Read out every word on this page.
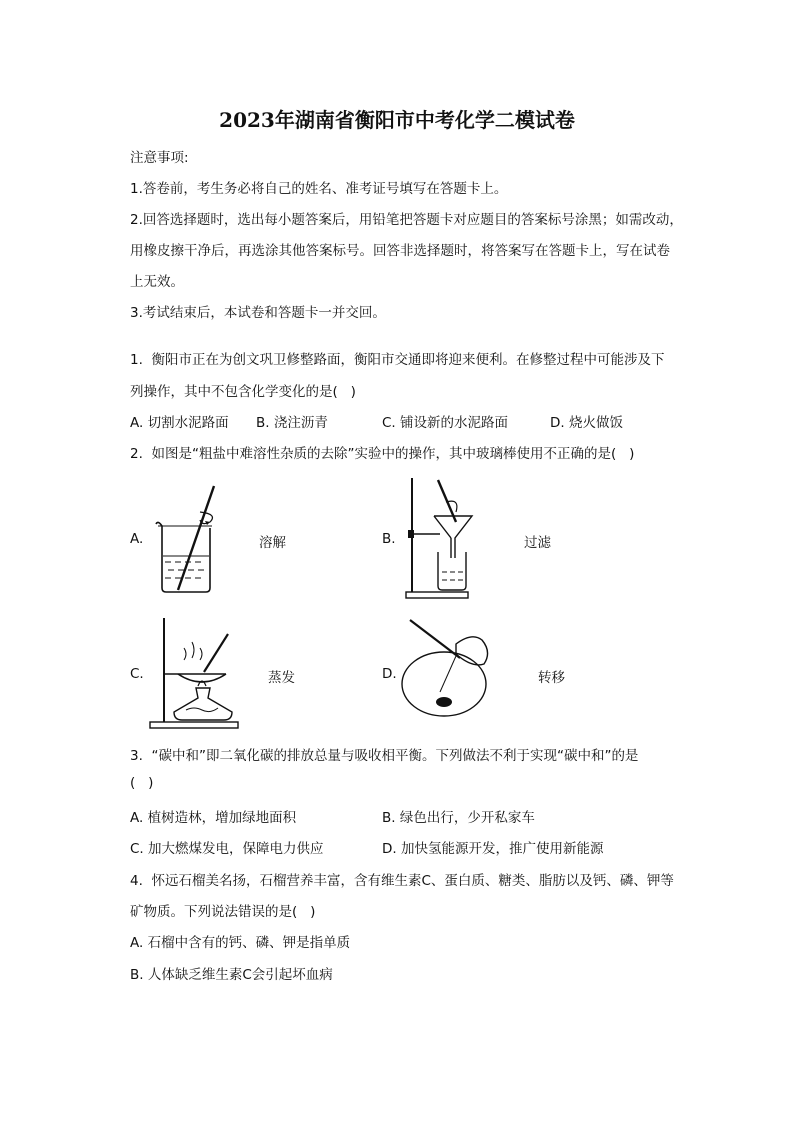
2023年湖南省衡阳市中考化学二模试卷
注意事项:
1.答卷前，考生务必将自己的姓名、准考证号填写在答题卡上。
2.回答选择题时，选出每小题答案后，用铅笔把答题卡对应题目的答案标号涂黑；如需改动，
用橡皮擦干净后，再选涂其他答案标号。回答非选择题时，将答案写在答题卡上，写在试卷
上无效。
3.考试结束后，本试卷和答题卡一并交回。
1.  衡阳市正在为创文巩卫修整路面，衡阳市交通即将迎来便利。在修整过程中可能涉及下
列操作，其中不包含化学变化的是(   )
A. 切割水泥路面 B. 浇注沥青	C. 铺设新的水泥路面	D. 烧火做饭
2.  如图是“粗盐中难溶性杂质的去除”实验中的操作，其中玻璃棒使用不正确的是(   )
A.	溶解	B.	过滤
C.	蒸发	D.	转移
3.  “碳中和”即二氧化碳的排放总量与吸收相平衡。下列做法不利于实现“碳中和”的是
(   )
A. 植树造林，增加绿地面积	B. 绿色出行，少开私家车
C. 加大燃煤发电，保障电力供应	D. 加快氢能源开发，推广使用新能源
4.  怀远石榴美名扬，石榴营养丰富，含有维生素C、蛋白质、糖类、脂肪以及钙、磷、钾等
矿物质。下列说法错误的是(   )
A. 石榴中含有的钙、磷、钾是指单质
B. 人体缺乏维生素C会引起坏血病
